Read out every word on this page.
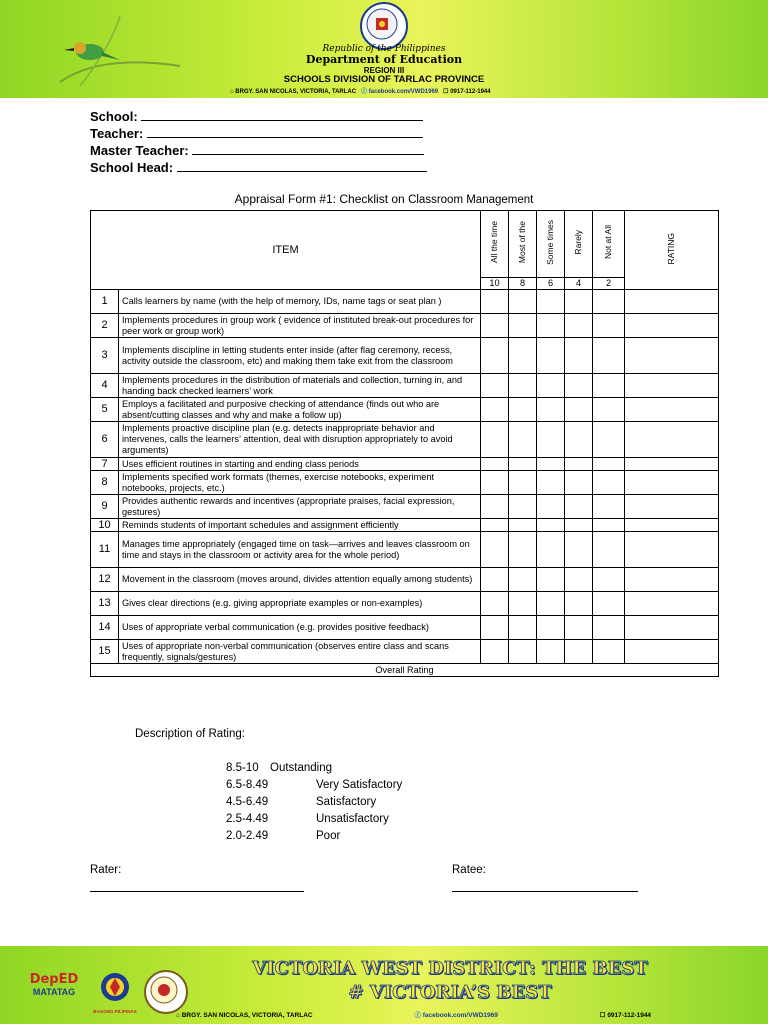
Republic of the Philippines
Department of Education
REGION III
SCHOOLS DIVISION OF TARLAC PROVINCE
⌂ BRGY. SAN NICOLAS, VICTORIA, TARLAC ⓕ facebook.com/VWD1969 ☐ 0917-112-1944
School:
Teacher:
Master Teacher:
School Head:
Appraisal Form #1: Checklist on Classroom Management
ITEM		All the time	Most of the	Some times	Rarely	Not at All	RATING
		10	8	6	4	2	
1	Calls learners by name (with the help of memory, IDs, name tags or seat plan )						
2	Implements procedures in group work ( evidence of instituted break-out procedures for peer work or group work)						
3	Implements discipline in letting students enter inside (after flag ceremony, recess, activity outside the classroom, etc) and making them take exit from the classroom						
4	Implements procedures in the distribution of materials and collection, turning in, and handing back checked learners’ work						
5	Employs a facilitated and purposive checking of attendance (finds out who are absent/cutting classes and why and make a follow up)						
6	Implements proactive discipline plan (e.g. detects inappropriate behavior and intervenes, calls the learners’ attention, deal with disruption appropriately to avoid arguments)						
7	Uses efficient routines in starting and ending class periods						
8	Implements specified work formats (themes, exercise notebooks, experiment notebooks, projects, etc.)						
9	Provides authentic rewards and incentives (appropriate praises, facial expression, gestures)						
10	Reminds students of important schedules and assignment efficiently						
11	Manages time appropriately (engaged time on task—arrives and leaves classroom on time and stays in the classroom or activity area for the whole period)						
12	Movement in the classroom (moves around, divides attention equally among students)						
13	Gives clear directions (e.g. giving appropriate examples or non-examples)						
14	Uses of appropriate verbal communication (e.g. provides positive feedback)						
15	Uses of appropriate non-verbal communication (observes entire class and scans frequently, signals/gestures)						
Overall Rating							
Description of Rating:
8.5-10 Outstanding
6.5-8.49	Very Satisfactory
4.5-6.49	Satisfactory
2.5-4.49	Unsatisfactory
2.0-2.49	Poor
Rater:	Ratee:
DepED
MATATAG
BAGONG PILIPINAS
VICTORIA WEST DISTRICT: THE BEST
# VICTORIA’S BEST
⌂ BRGY. SAN NICOLAS, VICTORIA, TARLAC	ⓕ facebook.com/VWD1969	☐ 0917-112-1944
